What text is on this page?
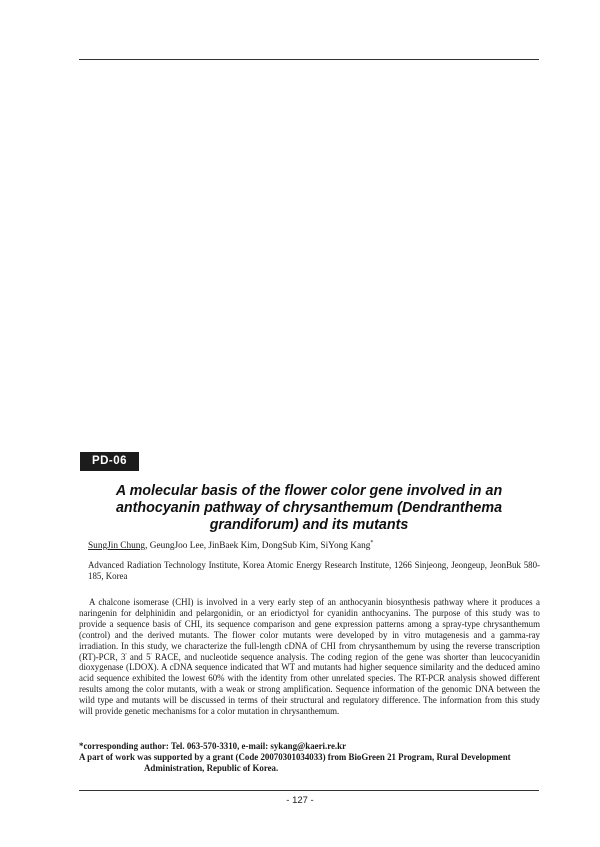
PD-06
A molecular basis of the flower color gene involved in an anthocyanin pathway of chrysanthemum (Dendranthema grandiforum) and its mutants
SungJin Chung, GeungJoo Lee, JinBaek Kim, DongSub Kim, SiYong Kang*
Advanced Radiation Technology Institute, Korea Atomic Energy Research Institute, 1266 Sinjeong, Jeongeup, JeonBuk 580-185, Korea

A chalcone isomerase (CHI) is involved in a very early step of an anthocyanin biosynthesis pathway where it produces a naringenin for delphinidin and pelargonidin, or an eriodictyol for cyanidin anthocyanins. The purpose of this study was to provide a sequence basis of CHI, its sequence comparison and gene expression patterns among a spray-type chrysanthemum (control) and the derived mutants. The flower color mutants were developed by in vitro mutagenesis and a gamma-ray irradiation. In this study, we characterize the full-length cDNA of CHI from chrysanthemum by using the reverse transcription (RT)-PCR, 3' and 5' RACE, and nucleotide sequence analysis. The coding region of the gene was shorter than leucocyanidin dioxygenase (LDOX). A cDNA sequence indicated that WT and mutants had higher sequence similarity and the deduced amino acid sequence exhibited the lowest 60% with the identity from other unrelated species. The RT-PCR analysis showed different results among the color mutants, with a weak or strong amplification. Sequence information of the genomic DNA between the wild type and mutants will be discussed in terms of their structural and regulatory difference. The information from this study will provide genetic mechanisms for a color mutation in chrysanthemum.

*corresponding author: Tel. 063-570-3310, e-mail: sykang@kaeri.re.kr
A part of work was supported by a grant (Code 20070301034033) from BioGreen 21 Program, Rural Development
Administration, Republic of Korea.
- 127 -
